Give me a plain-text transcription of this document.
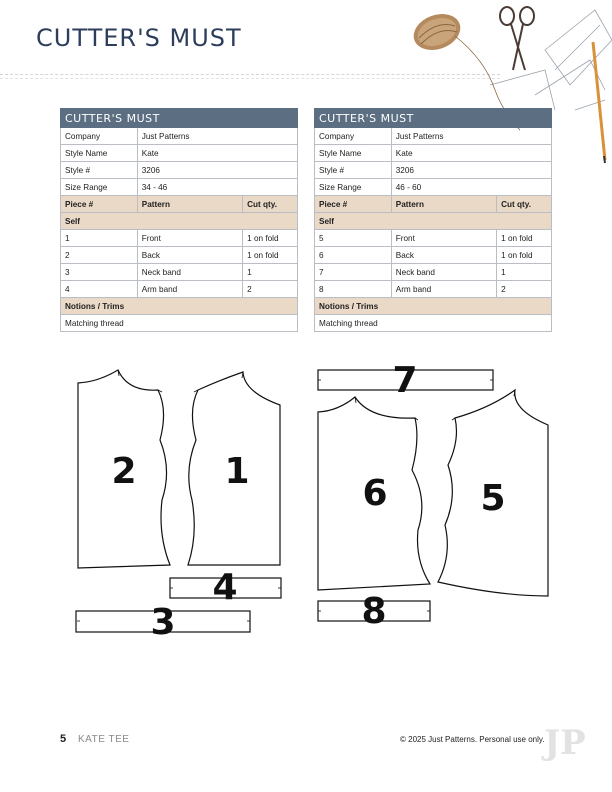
CUTTER'S MUST
CUTTER'S MUST		
Company	Just Patterns	
Style Name	Kate	
Style #	3206	
Size Range	34 - 46	
Piece #	Pattern	Cut qty.
Self		
1	Front	1 on fold
2	Back	1 on fold
3	Neck band	1
4	Arm band	2
Notions / Trims		
Matching thread		
CUTTER'S MUST		
Company	Just Patterns	
Style Name	Kate	
Style #	3206	
Size Range	46 - 60	
Piece #	Pattern	Cut qty.
Self		
5	Front	1 on fold
6	Back	1 on fold
7	Neck band	1
8	Arm band	2
Notions / Trims		
Matching thread		
2 1
4
3
7
6	5
8
5 KATE TEE	© 2025 Just Patterns. Personal use only. JP
